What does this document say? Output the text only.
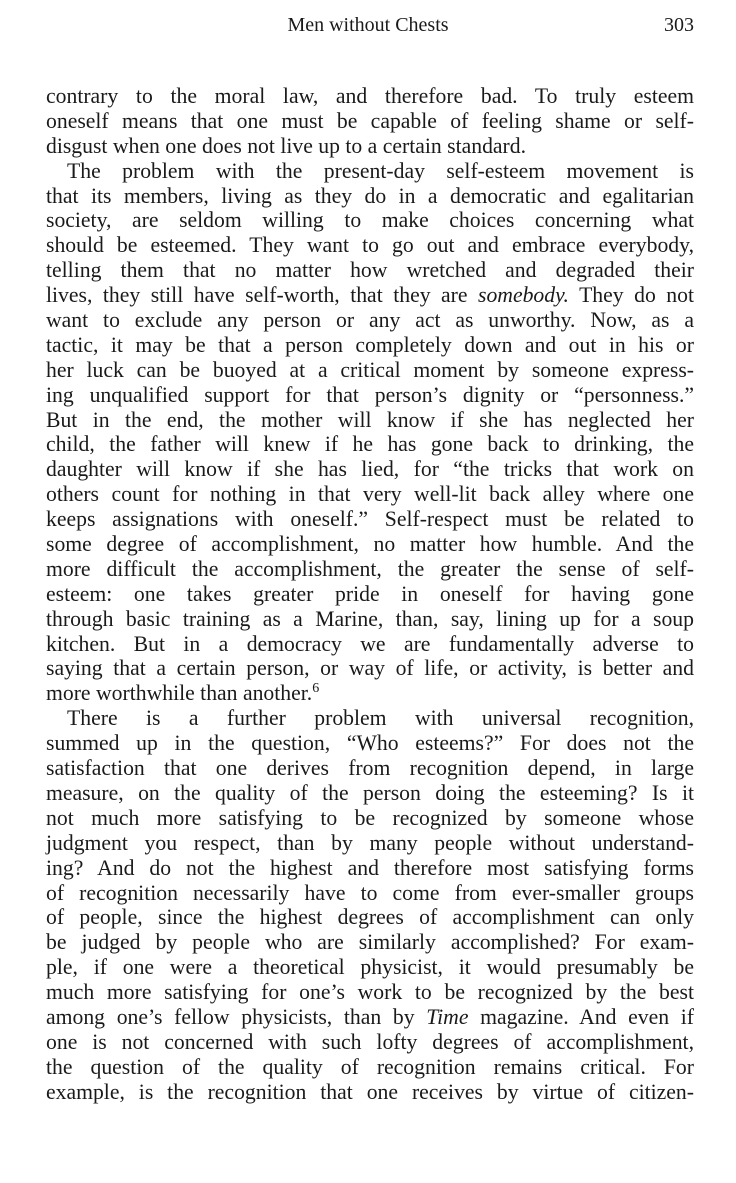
Men without Chests	303
contrary to the moral law, and therefore bad. To truly esteem
oneself means that one must be capable of feeling shame or self-
disgust when one does not live up to a certain standard.
The problem with the present-day self-esteem movement is
that its members, living as they do in a democratic and egalitarian
society, are seldom willing to make choices concerning what
should be esteemed. They want to go out and embrace everybody,
telling them that no matter how wretched and degraded their
lives, they still have self-worth, that they are somebody. They do not
want to exclude any person or any act as unworthy. Now, as a
tactic, it may be that a person completely down and out in his or
her luck can be buoyed at a critical moment by someone express-
ing unqualified support for that person’s dignity or “personness.”
But in the end, the mother will know if she has neglected her
child, the father will knew if he has gone back to drinking, the
daughter will know if she has lied, for “the tricks that work on
others count for nothing in that very well-lit back alley where one
keeps assignations with oneself.” Self-respect must be related to
some degree of accomplishment, no matter how humble. And the
more difficult the accomplishment, the greater the sense of self-
esteem: one takes greater pride in oneself for having gone
through basic training as a Marine, than, say, lining up for a soup
kitchen. But in a democracy we are fundamentally adverse to
saying that a certain person, or way of life, or activity, is better and
more worthwhile than another.$^6$
There is a further problem with universal recognition,
summed up in the question, “Who esteems?” For does not the
satisfaction that one derives from recognition depend, in large
measure, on the quality of the person doing the esteeming? Is it
not much more satisfying to be recognized by someone whose
judgment you respect, than by many people without understand-
ing? And do not the highest and therefore most satisfying forms
of recognition necessarily have to come from ever-smaller groups
of people, since the highest degrees of accomplishment can only
be judged by people who are similarly accomplished? For exam-
ple, if one were a theoretical physicist, it would presumably be
much more satisfying for one’s work to be recognized by the best
among one’s fellow physicists, than by Time magazine. And even if
one is not concerned with such lofty degrees of accomplishment,
the question of the quality of recognition remains critical. For
example, is the recognition that one receives by virtue of citizen-
